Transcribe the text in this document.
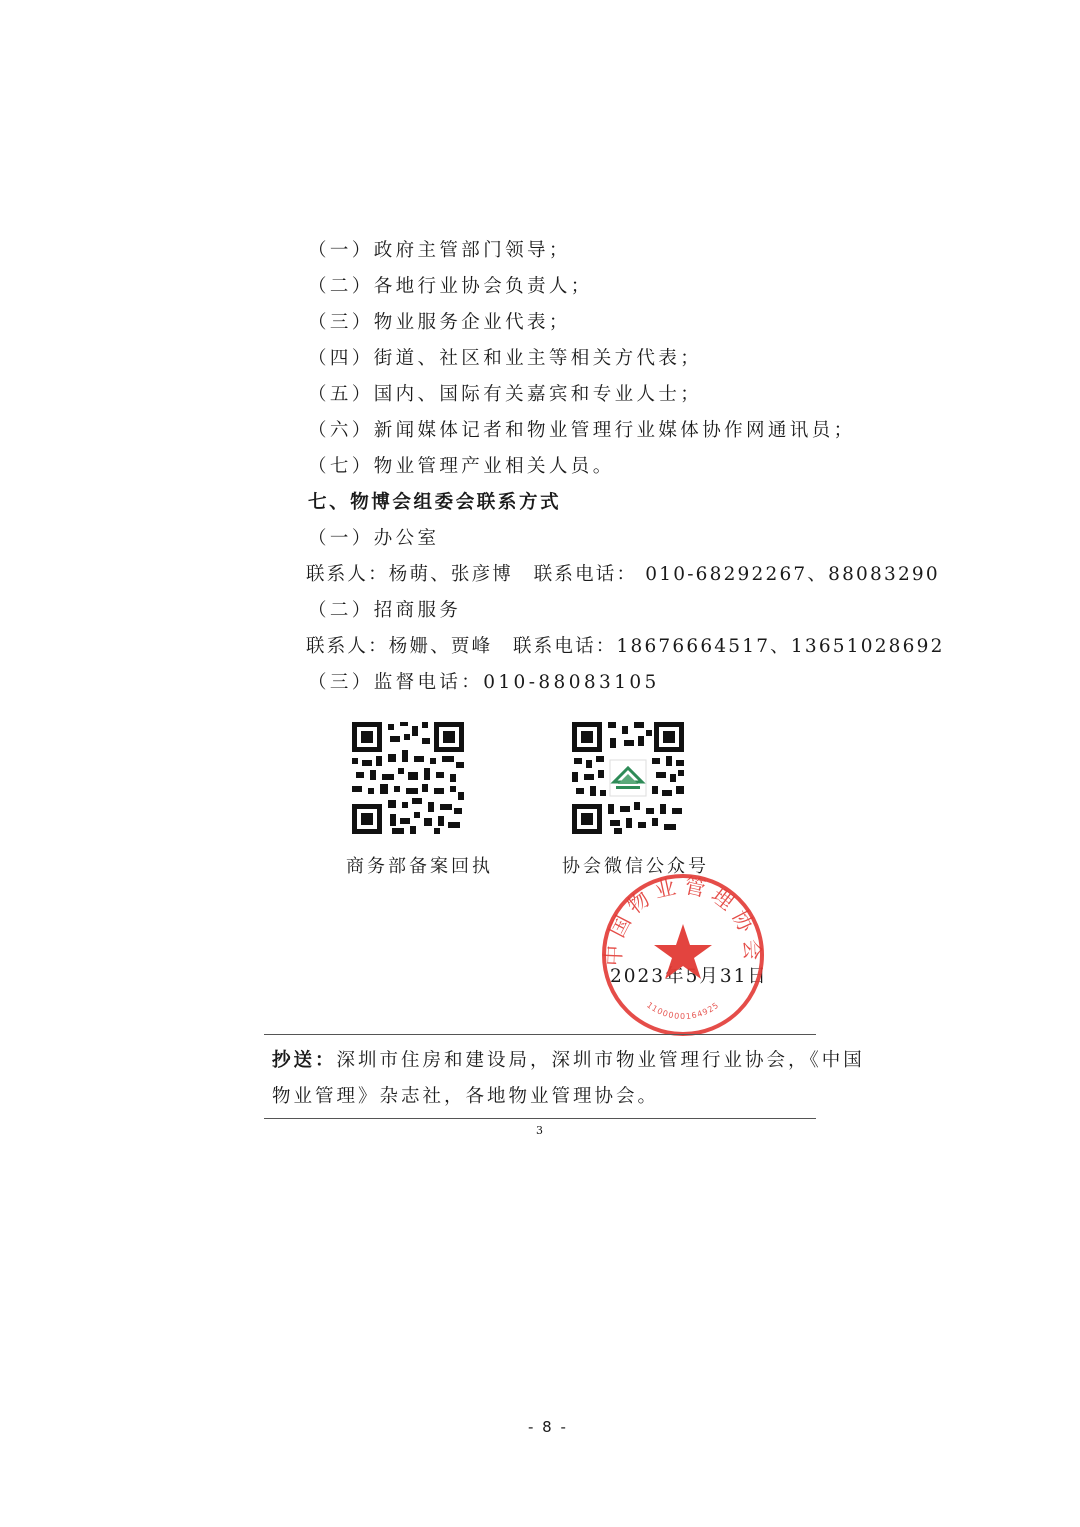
（一）政府主管部门领导；
（二）各地行业协会负责人；
（三）物业服务企业代表；
（四）街道、社区和业主等相关方代表；
（五）国内、国际有关嘉宾和专业人士；
（六）新闻媒体记者和物业管理行业媒体协作网通讯员；
（七）物业管理产业相关人员。
七、物博会组委会联系方式
（一）办公室
联系人：杨萌、张彦博　联系电话： 010-68292267、88083290
（二）招商服务
联系人：杨姗、贾峰　联系电话：18676664517、13651028692
（三）监督电话：010-88083105
商务部备案回执	协会微信公众号
2023年5月31日
中国物业管理协会
1100000164925
抄送：深圳市住房和建设局，深圳市物业管理行业协会，《中国
物业管理》杂志社，各地物业管理协会。
3
- 8 -
